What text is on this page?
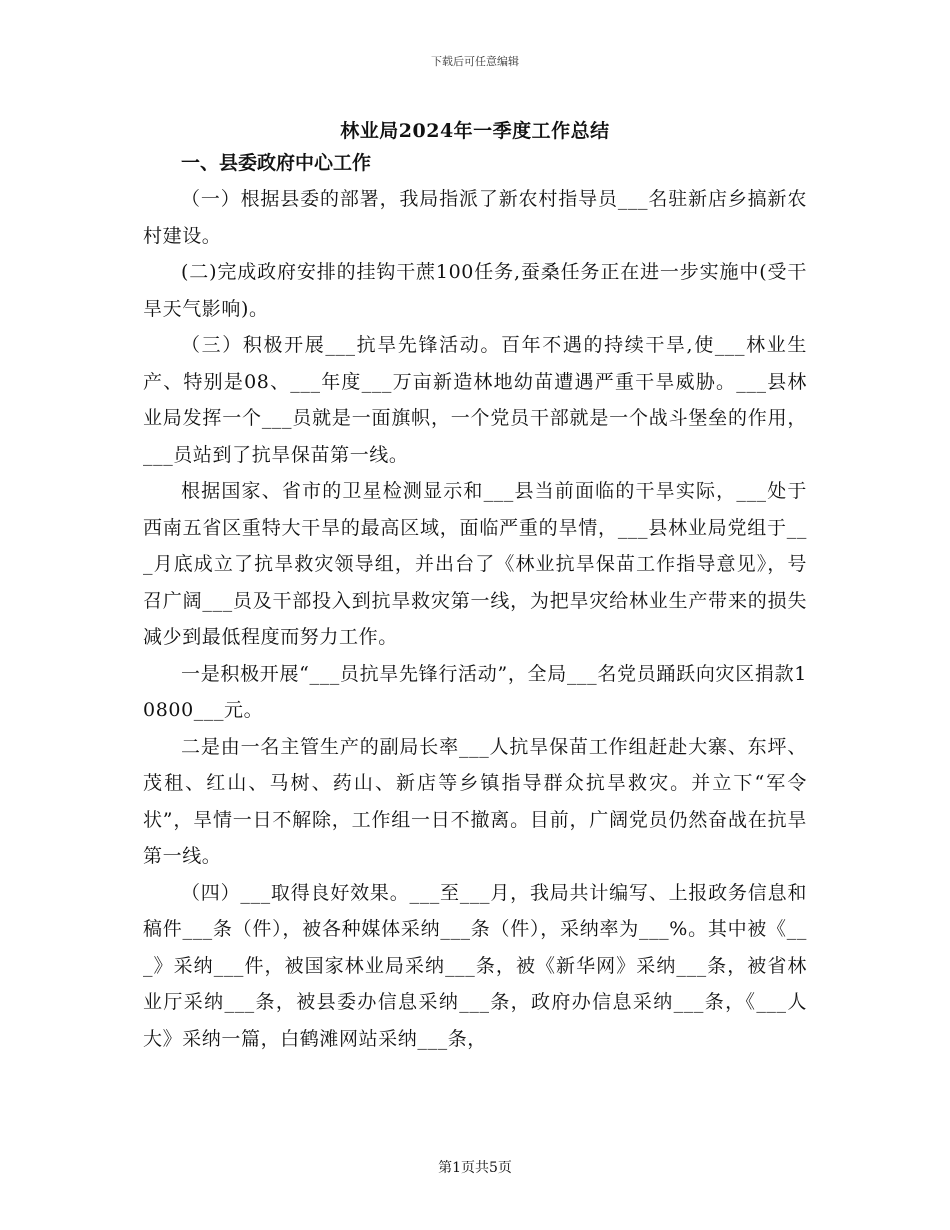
下载后可任意编辑
林业局2024年一季度工作总结
一、县委政府中心工作

（一）根据县委的部署，我局指派了新农村指导员___名驻新店乡搞新农村建设。

(二)完成政府安排的挂钩干蔗100任务,蚕桑任务正在进一步实施中(受干旱天气影响)。

（三）积极开展___抗旱先锋活动。百年不遇的持续干旱,使___林业生产、特别是08、___年度___万亩新造林地幼苗遭遇严重干旱威胁。___县林业局发挥一个___员就是一面旗帜，一个党员干部就是一个战斗堡垒的作用，___员站到了抗旱保苗第一线。

根据国家、省市的卫星检测显示和___县当前面临的干旱实际，___处于西南五省区重特大干旱的最高区域，面临严重的旱情，___县林业局党组于___月底成立了抗旱救灾领导组，并出台了《林业抗旱保苗工作指导意见》，号召广阔___员及干部投入到抗旱救灾第一线，为把旱灾给林业生产带来的损失减少到最低程度而努力工作。

一是积极开展“___员抗旱先锋行活动”，全局___名党员踊跃向灾区捐款10800___元。

二是由一名主管生产的副局长率___人抗旱保苗工作组赶赴大寨、东坪、茂租、红山、马树、药山、新店等乡镇指导群众抗旱救灾。并立下“军令状”，旱情一日不解除，工作组一日不撤离。目前，广阔党员仍然奋战在抗旱第一线。

（四）___取得良好效果。___至___月，我局共计编写、上报政务信息和稿件___条（件），被各种媒体采纳___条（件），采纳率为___%。其中被《___》采纳___件，被国家林业局采纳___条，被《新华网》采纳___条，被省林业厅采纳___条，被县委办信息采纳___条，政府办信息采纳___条，《___人大》采纳一篇，白鹤滩网站采纳___条，

第1页共5页
